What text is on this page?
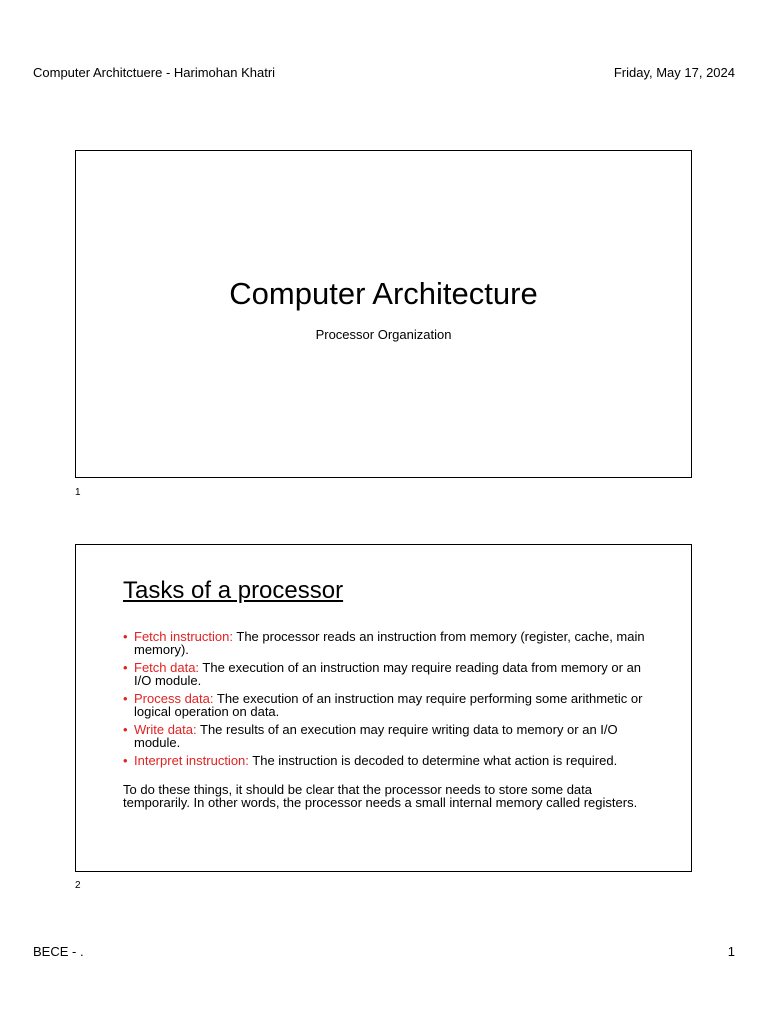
Computer Architctuere - Harimohan Khatri	Friday, May 17, 2024
Computer Architecture

Processor Organization

1
Tasks of a processor
• Fetch instruction: The processor reads an instruction from memory (register, cache, main memory).
• Fetch data: The execution of an instruction may require reading data from memory or an I/O module.
• Process data: The execution of an instruction may require performing some arithmetic or logical operation on data.
• Write data: The results of an execution may require writing data to memory or an I/O module.
• Interpret instruction: The instruction is decoded to determine what action is required.

To do these things, it should be clear that the processor needs to store some data temporarily. In other words, the processor needs a small internal memory called registers.

2
BECE - .	1
